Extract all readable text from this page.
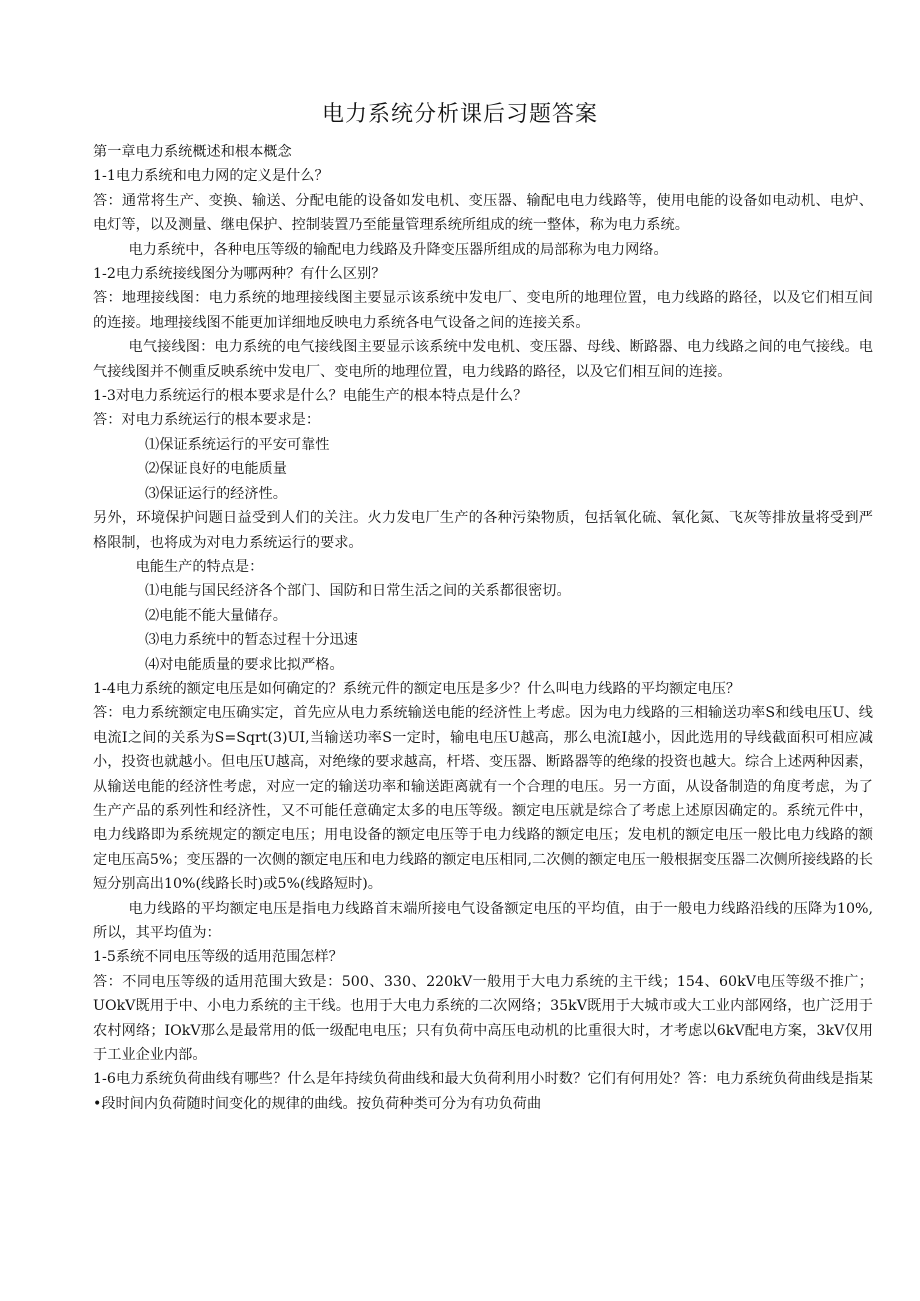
电力系统分析课后习题答案

第一章电力系统概述和根本概念

1-1电力系统和电力网的定义是什么？

答：通常将生产、变换、输送、分配电能的设备如发电机、变压器、输配电电力线路等，使用电能的设备如电动机、电炉、电灯等，以及测量、继电保护、控制装置乃至能量管理系统所组成的统一整体，称为电力系统。

电力系统中，各种电压等级的输配电力线路及升降变压器所组成的局部称为电力网络。

1-2电力系统接线图分为哪两种？有什么区别？

答：地理接线图：电力系统的地理接线图主要显示该系统中发电厂、变电所的地理位置，电力线路的路径，以及它们相互间的连接。地理接线图不能更加详细地反映电力系统各电气设备之间的连接关系。

电气接线图：电力系统的电气接线图主要显示该系统中发电机、变压器、母线、断路器、电力线路之间的电气接线。电气接线图并不侧重反映系统中发电厂、变电所的地理位置，电力线路的路径，以及它们相互间的连接。

1-3对电力系统运行的根本要求是什么？电能生产的根本特点是什么？

答：对电力系统运行的根本要求是：

⑴保证系统运行的平安可靠性

⑵保证良好的电能质量

⑶保证运行的经济性。

另外，环境保护问题日益受到人们的关注。火力发电厂生产的各种污染物质，包括氧化硫、氧化氮、飞灰等排放量将受到严格限制，也将成为对电力系统运行的要求。

电能生产的特点是：

⑴电能与国民经济各个部门、国防和日常生活之间的关系都很密切。

⑵电能不能大量储存。

⑶电力系统中的暂态过程十分迅速

⑷对电能质量的要求比拟严格。

1-4电力系统的额定电压是如何确定的？系统元件的额定电压是多少？什么叫电力线路的平均额定电压？

答：电力系统额定电压确实定，首先应从电力系统输送电能的经济性上考虑。因为电力线路的三相输送功率S和线电压U、线电流I之间的关系为S=Sqrt(3)UI,当输送功率S一定时，输电电压U越高，那么电流I越小，因此选用的导线截面积可相应减小，投资也就越小。但电压U越高，对绝缘的要求越高，杆塔、变压器、断路器等的绝缘的投资也越大。综合上述两种因素，从输送电能的经济性考虑，对应一定的输送功率和输送距离就有一个合理的电压。另一方面，从设备制造的角度考虑，为了生产产品的系列性和经济性，又不可能任意确定太多的电压等级。额定电压就是综合了考虑上述原因确定的。系统元件中，电力线路即为系统规定的额定电压；用电设备的额定电压等于电力线路的额定电压；发电机的额定电压一般比电力线路的额定电压高5%；变压器的一次侧的额定电压和电力线路的额定电压相同,二次侧的额定电压一般根据变压器二次侧所接线路的长短分别高出10%(线路长时)或5%(线路短时)。

电力线路的平均额定电压是指电力线路首末端所接电气设备额定电压的平均值，由于一般电力线路沿线的压降为10%,所以，其平均值为：

1-5系统不同电压等级的适用范围怎样？

答：不同电压等级的适用范围大致是：500、330、220kV一般用于大电力系统的主干线；154、60kV电压等级不推广；UOkV既用于中、小电力系统的主干线。也用于大电力系统的二次网络；35kV既用于大城市或大工业内部网络，也广泛用于农村网络；IOkV那么是最常用的低一级配电电压；只有负荷中高压电动机的比重很大时，才考虑以6kV配电方案，3kV仅用于工业企业内部。

1-6电力系统负荷曲线有哪些？什么是年持续负荷曲线和最大负荷利用小时数？它们有何用处？答：电力系统负荷曲线是指某•段时间内负荷随时间变化的规律的曲线。按负荷种类可分为有功负荷曲
